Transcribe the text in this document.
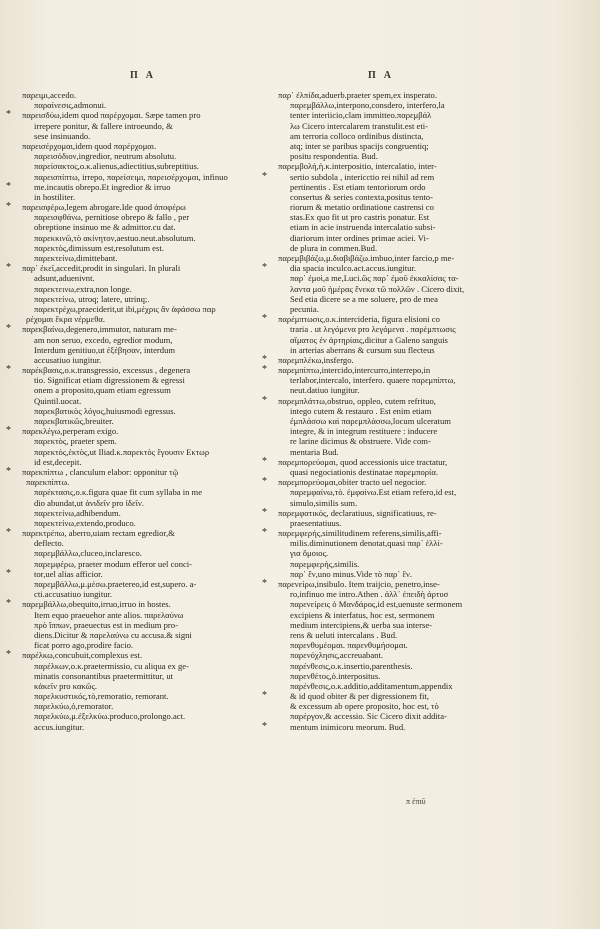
Π Α	Π Α
παρειμι,accedo.
παραίνεσις,admonui.
* παρεισδύω,idem quod παρέρχομαι. Sæpe tamen pro
irrepere ponitur, & fallere introeundo, &
sese insinuando.
παρεισέρχομαι,idem quod παρέρχομαι.
παρεισόδιον,ingredior, neutrum absolutu.
παρείσακτος,ο.κ.alienus,adiectitius,subreptitius.
παρεισπίπτω, irrepo, παρείσειμι, παρεισέρχομαι, infinuo
*	me.incautis obrepo.Et ingredior & irruo
in hostiliter.
* παρεισφέρω,legem abrogare.Ide quod ἀποφέρω
παρεισφθάνω, pernitiose obrepo & fallo , per
obreptione insinuo me & admittor.cu dat.
παρεκκινῶ,τὸ ακίνητον,aestuo.neut.absolutum.
παρεκτὸς,dimissum est,resolutum est.
παρεκτείνω,dimittebant.
* παρ᾽ ἐκεῖ,accedit,prodit in singulari. In plurali
adsunt,aduenivnt.
παρεκτεινω,extra,non longe.
παρεκτείνω, utroq; latere, utrinq;.
παρεκτρέχω,praeciderit,ut ibi,μέχρις ἂν ἀφάσσω παρ
ρέχομαι ἔκρα νέρμεθα.
* παρεκβαίνω,degenero,immutor, naturam me-
am non seruo, excedo, egredior modum,
Interdum genitiuo,ut ἐξέβησαν, interdum
accusatiuo iungitur.
* παρέκβασις,ο.κ.transgressio, excessus , degenera
tio. Significat etiam digressionem & egressi
onem a proposito,quam etiam egressum
Quintil.uocat.
παρεκβατικὸς λόγος,huiusmodi egressus.
παρεκβατικῶς,breuiter.
* παρεκλέγω,perperam exigo.
παρεκτὸς, praeter spem.
παρεκτός,ἐκτὸς,ut Iliad.κ.παρεκτὸς ἕγουσιν Εκτωρ
id est,decepit.
* παρεκπίπτω , clanculum elabor: opponitur τῷ
παρεκπίπτω.
παρέκτασις,ο.κ.figura quae fit cum syllaba in me
dio abundat,ut ἀνιδεῖν pro ἰδεῖν.
παρεκτείνω,adhibendum.
παρεκτείνω,extendo,produco.
* παρεκτρέπω, aberro,uiam rectam egredior,&
deflecto.
παρεμβάλλω,cluceo,inclaresco.
παρεμφέρω, praeter modum efferor uel conci-
*	tor,uel alias afficior.
παρεμβάλλω,μ.μέσω.praetereo,id est,supero. a-
cti.accusatiuo iungitur.
* παρεμβάλλω,obequito,irruo,irruo in hostes.
Item equo praeuehor ante alios. παρελαύνω
πρὸ ἵππων, praeuectus est in medium pro-
diens.Dicitur & παρελαύνω cu accusa.& signi
ficat porro ago,prodire facio.
* παρέλκω,concubuit,complexus est.
παρέλκων,ο.κ.praetermissio, cu aliqua ex ge-
minatis consonantibus praetermittitur, ut
κἀκεῖν pro κακῶς.
παρελκυστικός,τὸ,remoratio, remorant.
παρελκύω,ὁ,remorator.
παρελκύω,μ.ἐξελκύω.produco,prolongo.act.
accus.iungitur.
παρ᾽ ἐλπίδα,aduerb.praeter spem,ex insperato.
παρεμβάλλω,interpono,consdero, interfero,la
tenter interiicio,clam immitteo.παρεμβάλ
λω Cicero intercalarem transtulit.est eti-
am terroria colloco ordinibus distincta,
atq; inter se paribus spacijs congruentiq;
positu respondentia. Bud.
παρεμβολή,ἡ.κ.interpositio, intercalatio, inter-
*	sertio subdola , intericctio rei nihil ad rem
pertinentis . Est etiam tentoriorum ordo
consertus & series contexta,positus tento-
riorum & metatio ordinatione castrensi co
stas.Ex quo fit ut pro castris ponatur. Est
etiam in acie instruenda intercalatio subsi-
diariorum inter ordines primae aciei. Vi-
de plura in commen.Bud.
παρεμβιβάζω,μ.διαβιβάζω.imbuo,inter farcio,p me-
*	dia spacia inculco.act.accus.iungitur.
παρ᾽ ἐμοὶ,a me,Luci.ὥς παρ᾽ ἐμοῦ ἐκκαλίσας τα-
λαντα μοῦ ἡμέρας ἕνεκα τῶ πολλῶν . Cicero dixit,
Sed etia dicere se a me soluere, pro de mea
pecunia.
* παρέμπτωσις,ο.κ.intercideria, figura elisioni co
traria . ut λεγόμενα pro λεγόμενα . παρέμπτωσις
αἵματος ἐν ἀρτηρίαις,dicitur a Galeno sanguis
in arterias aberrans & cursum suu flecteus
* παρεμπλέκω,insfergo.
* παρεμπίπτω,intercido,intercurro,interrepo,in
terlabor,intercalo, interfero. quaere παρεμπίπτω,
neut.datiuo iungitur.
* παρεμπλάττω,obstruo, oppleo, cutem refrituo,
intego cutem & restauro . Est enim etiam
ἐμπλάσσω καὶ παρεμπλάσσω,locum ulceratum
integre, & in integrum restituere : inducere
re larine dicimus & obstruere. Vide com-
mentaria Bud.
* παρεμπορεύομαι, quod accessionis uice tractatur,
quasi negociationis destinatae παρεμπορία.
* παρεμπορεύομαι,obiter tracto uel negocior.
παρεμφαίνω,τὸ. ἐμφαίνω.Est etiam refero,id est,
simulo,similis sum.
* παρεμφατικός, declaratiuus, significatiuus, re-
praesentatiuus.
* παρεμφερής,similitudinem referens,similis,affi-
milis.diminutionem denotat,quasi παρ᾽ ἐλλί-
για ὅμοιος.
παρεμφερής,similis.
παρ᾽ ἓν,uno minus.Vide τὸ παρ᾽ ἓν.
* παρενείρω,insibulo. Item traijcio, penetro,inse-
ro,infinuo me intro.Athen . ἀλλ᾽ ἐπειδὴ ἀρτυσ
παρενείρεις ὁ Μανδάρος,id est,uenuste sermonem
excipiens & interfatus, hoc est, sermonem
medium intercipiens,& uerba sua interse-
rens & ueluti intercalans . Bud.
παρενθυμέομαι. παρενθυμήσομαι.
παρενόχλησις,accreuabant.
παρένθεσις,ο.κ.insertio,parenthesis.
παρενθέτος,ὁ.interpositus.
παρένθεσις,ο.κ.additio,additamentum,appendix
*	& id quod obiter & per digressionem fit,
& excessum ab opere proposito, hoc est, τὸ
παρέργον,& accessio. Sic Cicero dixit addita-
*	mentum inimicoru meorum. Bud.
π ἐπιῦ
